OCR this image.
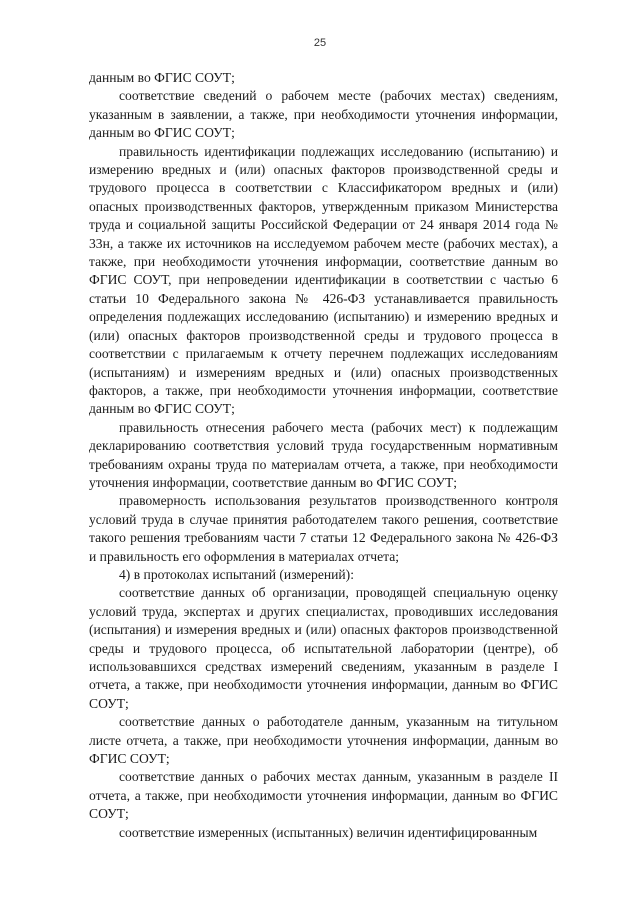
25

данным во ФГИС СОУТ;

соответствие сведений о рабочем месте (рабочих местах) сведениям, указанным в заявлении, а также, при необходимости уточнения информации, данным во ФГИС СОУТ;

правильность идентификации подлежащих исследованию (испытанию) и измерению вредных и (или) опасных факторов производственной среды и трудового процесса в соответствии с Классификатором вредных и (или) опасных производственных факторов, утвержденным приказом Министерства труда и социальной защиты Российской Федерации от 24 января 2014 года № 33н, а также их источников на исследуемом рабочем месте (рабочих местах), а также, при необходимости уточнения информации, соответствие данным во ФГИС СОУТ, при непроведении идентификации в соответствии с частью 6 статьи 10 Федерального закона № 426-ФЗ устанавливается правильность определения подлежащих исследованию (испытанию) и измерению вредных и (или) опасных факторов производственной среды и трудового процесса в соответствии с прилагаемым к отчету перечнем подлежащих исследованиям (испытаниям) и измерениям вредных и (или) опасных производственных факторов, а также, при необходимости уточнения информации, соответствие данным во ФГИС СОУТ;

правильность отнесения рабочего места (рабочих мест) к подлежащим декларированию соответствия условий труда государственным нормативным требованиям охраны труда по материалам отчета, а также, при необходимости уточнения информации, соответствие данным во ФГИС СОУТ;

правомерность использования результатов производственного контроля условий труда в случае принятия работодателем такого решения, соответствие такого решения требованиям части 7 статьи 12 Федерального закона № 426-ФЗ и правильность его оформления в материалах отчета;

4) в протоколах испытаний (измерений):

соответствие данных об организации, проводящей специальную оценку условий труда, экспертах и других специалистах, проводивших исследования (испытания) и измерения вредных и (или) опасных факторов производственной среды и трудового процесса, об испытательной лаборатории (центре), об использовавшихся средствах измерений сведениям, указанным в разделе I отчета, а также, при необходимости уточнения информации, данным во ФГИС СОУТ;

соответствие данных о работодателе данным, указанным на титульном листе отчета, а также, при необходимости уточнения информации, данным во ФГИС СОУТ;

соответствие данных о рабочих местах данным, указанным в разделе II отчета, а также, при необходимости уточнения информации, данным во ФГИС СОУТ;

соответствие измеренных (испытанных) величин идентифицированным
